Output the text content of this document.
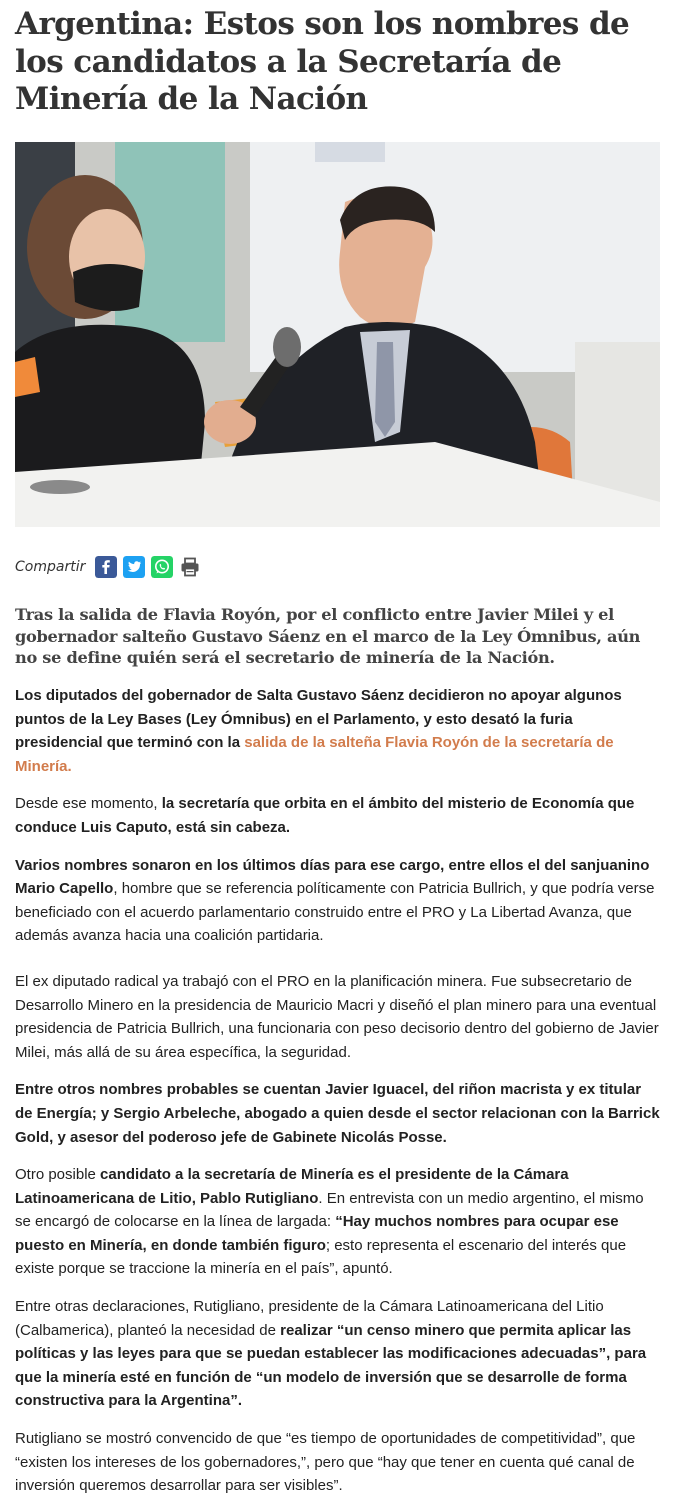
Argentina: Estos son los nombres de los candidatos a la Secretaría de Minería de la Nación
Compartir

Tras la salida de Flavia Royón, por el conflicto entre Javier Milei y el gobernador salteño Gustavo Sáenz en el marco de la Ley Ómnibus, aún no se define quién será el secretario de minería de la Nación.

Los diputados del gobernador de Salta Gustavo Sáenz decidieron no apoyar algunos puntos de la Ley Bases (Ley Ómnibus) en el Parlamento, y esto desató la furia presidencial que terminó con la salida de la salteña Flavia Royón de la secretaría de Minería.

Desde ese momento, la secretaría que orbita en el ámbito del misterio de Economía que conduce Luis Caputo, está sin cabeza.

Varios nombres sonaron en los últimos días para ese cargo, entre ellos el del sanjuanino Mario Capello, hombre que se referencia políticamente con Patricia Bullrich, y que podría verse beneficiado con el acuerdo parlamentario construido entre el PRO y La Libertad Avanza, que además avanza hacia una coalición partidaria.

El ex diputado radical ya trabajó con el PRO en la planificación minera. Fue subsecretario de Desarrollo Minero en la presidencia de Mauricio Macri y diseñó el plan minero para una eventual presidencia de Patricia Bullrich, una funcionaria con peso decisorio dentro del gobierno de Javier Milei, más allá de su área específica, la seguridad.

Entre otros nombres probables se cuentan Javier Iguacel, del riñon macrista y ex titular de Energía; y Sergio Arbeleche, abogado a quien desde el sector relacionan con la Barrick Gold, y asesor del poderoso jefe de Gabinete Nicolás Posse.

Otro posible candidato a la secretaría de Minería es el presidente de la Cámara Latinoamericana de Litio, Pablo Rutigliano. En entrevista con un medio argentino, el mismo se encargó de colocarse en la línea de largada: “Hay muchos nombres para ocupar ese puesto en Minería, en donde también figuro; esto representa el escenario del interés que existe porque se traccione la minería en el país”, apuntó.

Entre otras declaraciones, Rutigliano, presidente de la Cámara Latinoamericana del Litio (Calbamerica), planteó la necesidad de realizar “un censo minero que permita aplicar las políticas y las leyes para que se puedan establecer las modificaciones adecuadas”, para que la minería esté en función de “un modelo de inversión que se desarrolle de forma constructiva para la Argentina”.

Rutigliano se mostró convencido de que “es tiempo de oportunidades de competitividad”, que “existen los intereses de los gobernadores,”, pero que “hay que tener en cuenta qué canal de inversión queremos desarrollar para ser visibles”.
